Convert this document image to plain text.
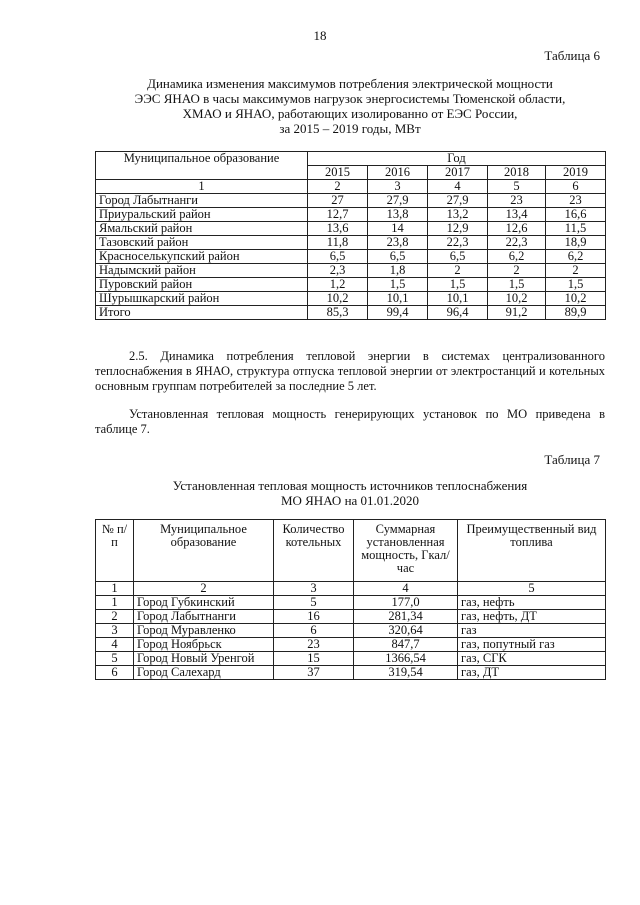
18
Таблица 6
Динамика изменения максимумов потребления электрической мощности
ЭЭС ЯНАО в часы максимумов нагрузок энергосистемы Тюменской области,
ХМАО и ЯНАО, работающих изолированно от ЕЭС России,
за 2015 – 2019 годы, МВт
Муниципальное образование	Год				
	2015	2016	2017	2018	2019
1	2	3	4	5	6
Город Лабытнанги	27	27,9	27,9	23	23
Приуральский район	12,7	13,8	13,2	13,4	16,6
Ямальский район	13,6	14	12,9	12,6	11,5
Тазовский район	11,8	23,8	22,3	22,3	18,9
Красноселькупский район	6,5	6,5	6,5	6,2	6,2
Надымский район	2,3	1,8	2	2	2
Пуровский район	1,2	1,5	1,5	1,5	1,5
Шурышкарский район	10,2	10,1	10,1	10,2	10,2
Итого	85,3	99,4	96,4	91,2	89,9
2.5. Динамика потребления тепловой энергии в системах централизованного теплоснабжения в ЯНАО, структура отпуска тепловой энергии от электростанций и котельных основным группам потребителей за последние 5 лет.
Установленная тепловая мощность генерирующих установок по МО приведена в таблице 7.
Таблица 7
Установленная тепловая мощность источников теплоснабжения
МО ЯНАО на 01.01.2020
№ п/п	Муниципальное образование	Количество котельных	Суммарная установленная мощность, Гкал/час	Преимущественный вид топлива
1	2	3	4	5
1	Город Губкинский	5	177,0	газ, нефть
2	Город Лабытнанги	16	281,34	газ, нефть, ДТ
3	Город Муравленко	6	320,64	газ
4	Город Ноябрьск	23	847,7	газ, попутный газ
5	Город Новый Уренгой	15	1366,54	газ, СГК
6	Город Салехард	37	319,54	газ, ДТ
